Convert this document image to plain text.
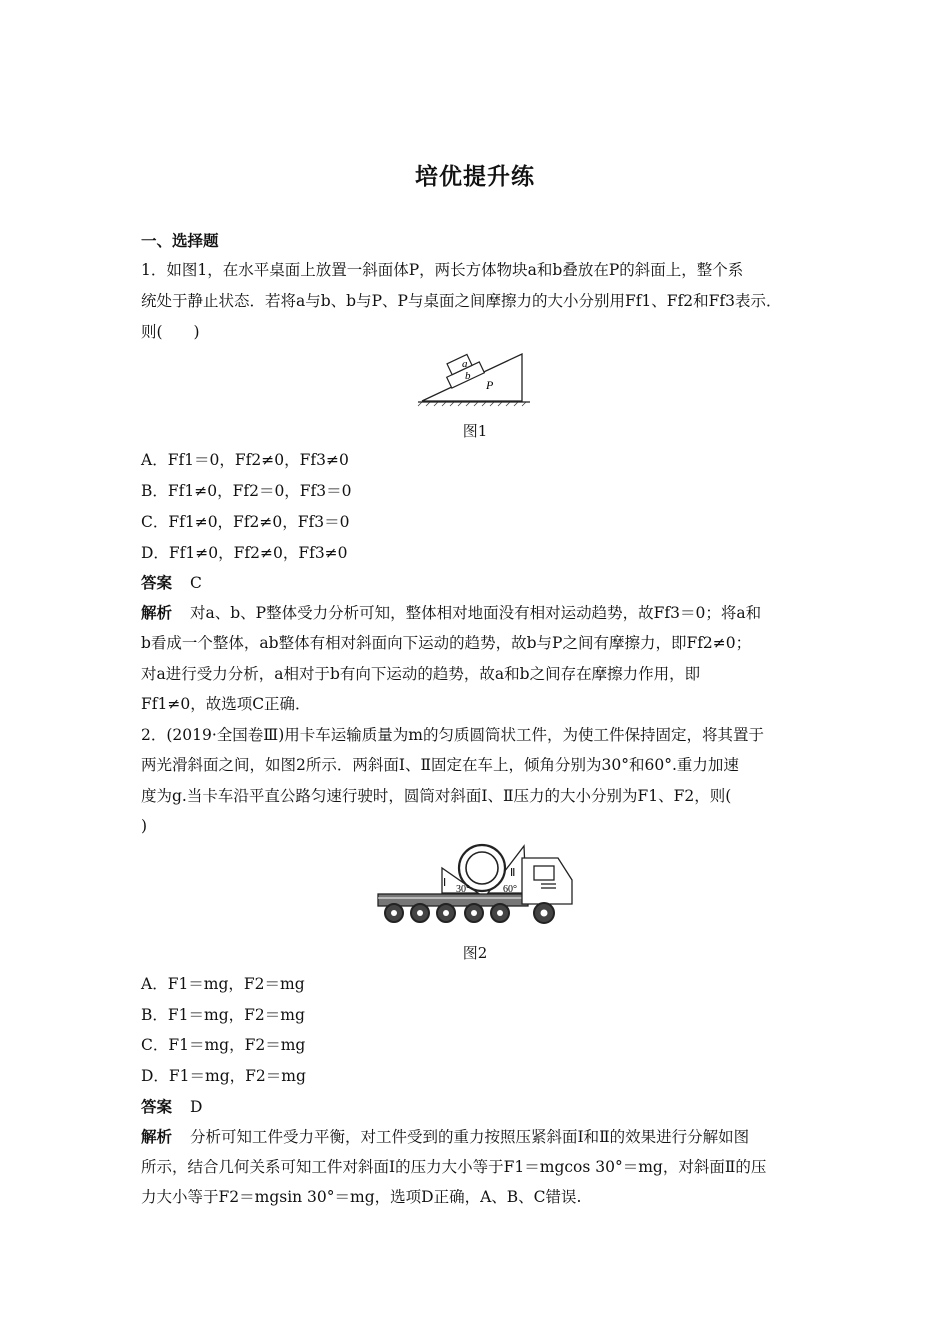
培优提升练
一、选择题
1．如图1，在水平桌面上放置一斜面体P，两长方体物块a和b叠放在P的斜面上，整个系
统处于静止状态．若将a与b、b与P、P与桌面之间摩擦力的大小分别用Ff1、Ff2和Ff3表示．
则(　　)
a
b
P
图1
A．Ff1＝0，Ff2≠0，Ff3≠0
B．Ff1≠0，Ff2＝0，Ff3＝0
C．Ff1≠0，Ff2≠0，Ff3＝0
D．Ff1≠0，Ff2≠0，Ff3≠0
答案 C
解析 对a、b、P整体受力分析可知，整体相对地面没有相对运动趋势，故Ff3＝0；将a和
b看成一个整体，ab整体有相对斜面向下运动的趋势，故b与P之间有摩擦力，即Ff2≠0；
对a进行受力分析，a相对于b有向下运动的趋势，故a和b之间存在摩擦力作用，即
Ff1≠0，故选项C正确．
2．(2019·全国卷Ⅲ)用卡车运输质量为m的匀质圆筒状工件，为使工件保持固定，将其置于
两光滑斜面之间，如图2所示．两斜面Ⅰ、Ⅱ固定在车上，倾角分别为30°和60°.重力加速
度为g.当卡车沿平直公路匀速行驶时，圆筒对斜面Ⅰ、Ⅱ压力的大小分别为F1、F2，则(
)
Ⅰ
Ⅱ
30°	60°
图2
A．F1＝mg，F2＝mg
B．F1＝mg，F2＝mg
C．F1＝mg，F2＝mg
D．F1＝mg，F2＝mg
答案 D
解析 分析可知工件受力平衡，对工件受到的重力按照压紧斜面Ⅰ和Ⅱ的效果进行分解如图
所示，结合几何关系可知工件对斜面Ⅰ的压力大小等于F1＝mgcos 30°＝mg，对斜面Ⅱ的压
力大小等于F2＝mgsin 30°＝mg，选项D正确，A、B、C错误.
